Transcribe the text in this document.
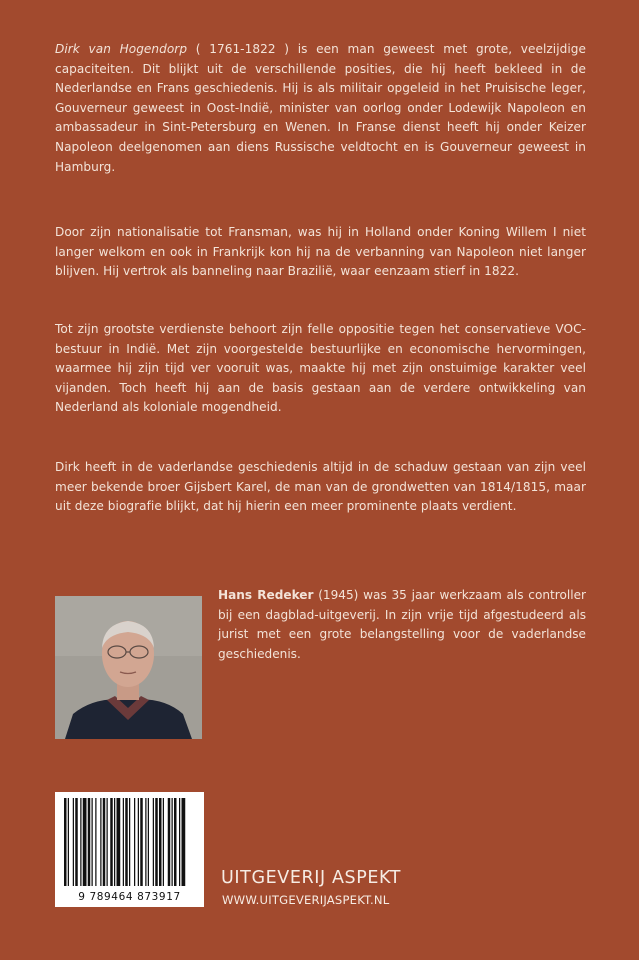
Dirk van Hogendorp ( 1761-1822 ) is een man geweest met grote, veelzijdige capaciteiten. Dit blijkt uit de verschillende posities, die hij heeft bekleed in de Nederlandse en Frans geschiedenis. Hij is als militair opgeleid in het Pruisische leger, Gouverneur geweest in Oost-Indië, minister van oorlog onder Lodewijk Napoleon en ambassadeur in Sint-Petersburg en Wenen. In Franse dienst heeft hij onder Keizer Napoleon deelgenomen aan diens Russische veldtocht en is Gouverneur geweest in Hamburg.

Door zijn nationalisatie tot Fransman, was hij in Holland onder Koning Willem I niet langer welkom en ook in Frankrijk kon hij na de verbanning van Napoleon niet langer blijven. Hij vertrok als banneling naar Brazilië, waar eenzaam stierf in 1822.

Tot zijn grootste verdienste behoort zijn felle oppositie tegen het conservatieve VOC-bestuur in Indië. Met zijn voorgestelde bestuurlijke en economische hervormingen, waarmee hij zijn tijd ver vooruit was, maakte hij met zijn onstuimige karakter veel vijanden. Toch heeft hij aan de basis gestaan aan de verdere ontwikkeling van Nederland als koloniale mogendheid.

Dirk heeft in de vaderlandse geschiedenis altijd in de schaduw gestaan van zijn veel meer bekende broer Gijsbert Karel, de man van de grondwetten van 1814/1815, maar uit deze biografie blijkt, dat hij hierin een meer prominente plaats verdient.

Hans Redeker (1945) was 35 jaar werkzaam als controller bij een dagblad-uitgeverij. In zijn vrije tijd afgestudeerd als jurist met een grote belangstelling voor de vaderlandse geschiedenis.

9 789464 873917
UITGEVERIJ ASPEKT
WWW.UITGEVERIJASPEKT.NL
